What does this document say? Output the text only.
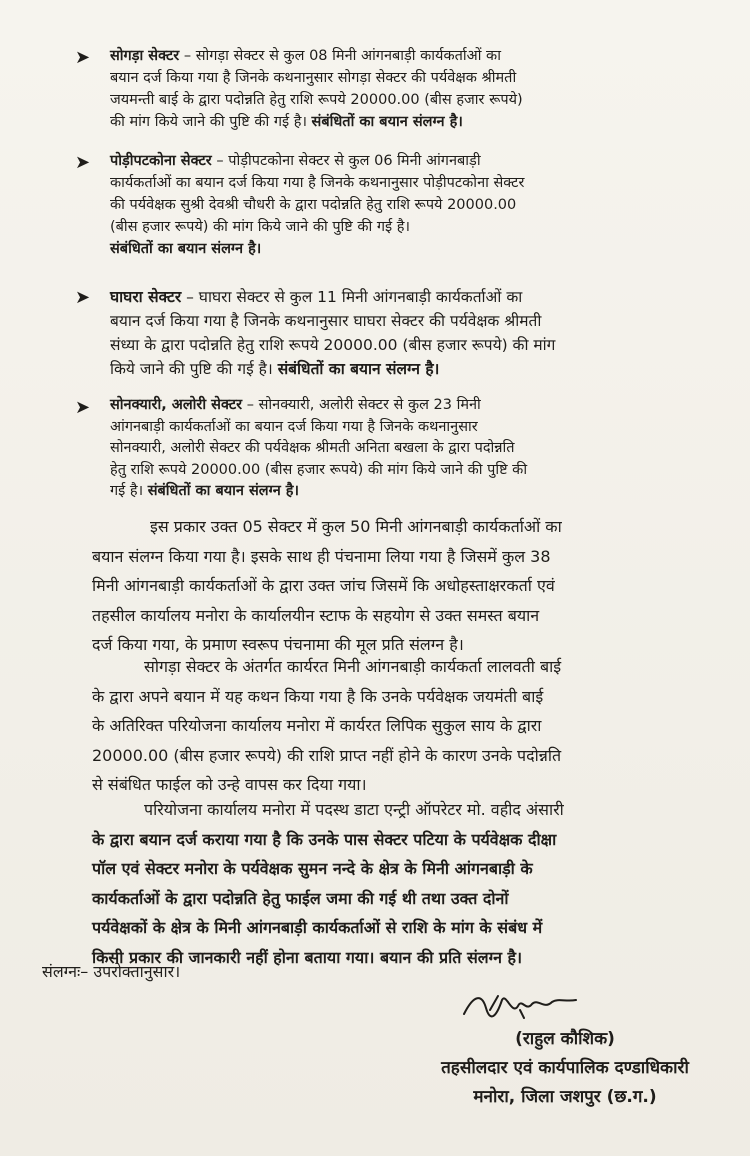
➤ सोगड़ा सेक्टर – सोगड़ा सेक्टर से कुल 08 मिनी आंगनबाड़ी कार्यकर्ताओं का
बयान दर्ज किया गया है जिनके कथनानुसार सोगड़ा सेक्टर की पर्यवेक्षक श्रीमती
जयमन्ती बाई के द्वारा पदोन्नति हेतु राशि रूपये 20000.00 (बीस हजार रूपये)
की मांग किये जाने की पुष्टि की गई है। संबंधितों का बयान संलग्न है।
➤ पोड़ीपटकोना सेक्टर – पोड़ीपटकोना सेक्टर से कुल 06 मिनी आंगनबाड़ी
कार्यकर्ताओं का बयान दर्ज किया गया है जिनके कथनानुसार पोड़ीपटकोना सेक्टर
की पर्यवेक्षक सुश्री देवश्री चौधरी के द्वारा पदोन्नति हेतु राशि रूपये 20000.00
(बीस हजार रूपये) की मांग किये जाने की पुष्टि की गई है।
संबंधितों का बयान संलग्न है।
➤ घाघरा सेक्टर – घाघरा सेक्टर से कुल 11 मिनी आंगनबाड़ी कार्यकर्ताओं का
बयान दर्ज किया गया है जिनके कथनानुसार घाघरा सेक्टर की पर्यवेक्षक श्रीमती
संध्या के द्वारा पदोन्नति हेतु राशि रूपये 20000.00 (बीस हजार रूपये) की मांग
किये जाने की पुष्टि की गई है। संबंधितों का बयान संलग्न है।
➤ सोनक्यारी, अलोरी सेक्टर – सोनक्यारी, अलोरी सेक्टर से कुल 23 मिनी
आंगनबाड़ी कार्यकर्ताओं का बयान दर्ज किया गया है जिनके कथनानुसार
सोनक्यारी, अलोरी सेक्टर की पर्यवेक्षक श्रीमती अनिता बखला के द्वारा पदोन्नति
हेतु राशि रूपये 20000.00 (बीस हजार रूपये) की मांग किये जाने की पुष्टि की
गई है। संबंधितों का बयान संलग्न है।
इस प्रकार उक्त 05 सेक्टर में कुल 50 मिनी आंगनबाड़ी कार्यकर्ताओं का
बयान संलग्न किया गया है। इसके साथ ही पंचनामा लिया गया है जिसमें कुल 38
मिनी आंगनबाड़ी कार्यकर्ताओं के द्वारा उक्त जांच जिसमें कि अधोहस्ताक्षरकर्ता एवं
तहसील कार्यालय मनोरा के कार्यालयीन स्टाफ के सहयोग से उक्त समस्त बयान
दर्ज किया गया, के प्रमाण स्वरूप पंचनामा की मूल प्रति संलग्न है।
सोगड़ा सेक्टर के अंतर्गत कार्यरत मिनी आंगनबाड़ी कार्यकर्ता लालवती बाई
के द्वारा अपने बयान में यह कथन किया गया है कि उनके पर्यवेक्षक जयमंती बाई
के अतिरिक्त परियोजना कार्यालय मनोरा में कार्यरत लिपिक सुकुल साय के द्वारा
20000.00 (बीस हजार रूपये) की राशि प्राप्त नहीं होने के कारण उनके पदोन्नति
से संबंधित फाईल को उन्हे वापस कर दिया गया।
परियोजना कार्यालय मनोरा में पदस्थ डाटा एन्ट्री ऑपरेटर मो. वहीद अंसारी
के द्वारा बयान दर्ज कराया गया है कि उनके पास सेक्टर पटिया के पर्यवेक्षक दीक्षा
पॉल एवं सेक्टर मनोरा के पर्यवेक्षक सुमन नन्दे के क्षेत्र के मिनी आंगनबाड़ी के
कार्यकर्ताओं के द्वारा पदोन्नति हेतु फाईल जमा की गई थी तथा उक्त दोनों
पर्यवेक्षकों के क्षेत्र के मिनी आंगनबाड़ी कार्यकर्ताओं से राशि के मांग के संबंध में
किसी प्रकार की जानकारी नहीं होना बताया गया। बयान की प्रति संलग्न है।
संलग्नः– उपरोक्तानुसार।
(राहुल कौशिक)
तहसीलदार एवं कार्यपालिक दण्डाधिकारी
मनोरा, जिला जशपुर (छ.ग.)
